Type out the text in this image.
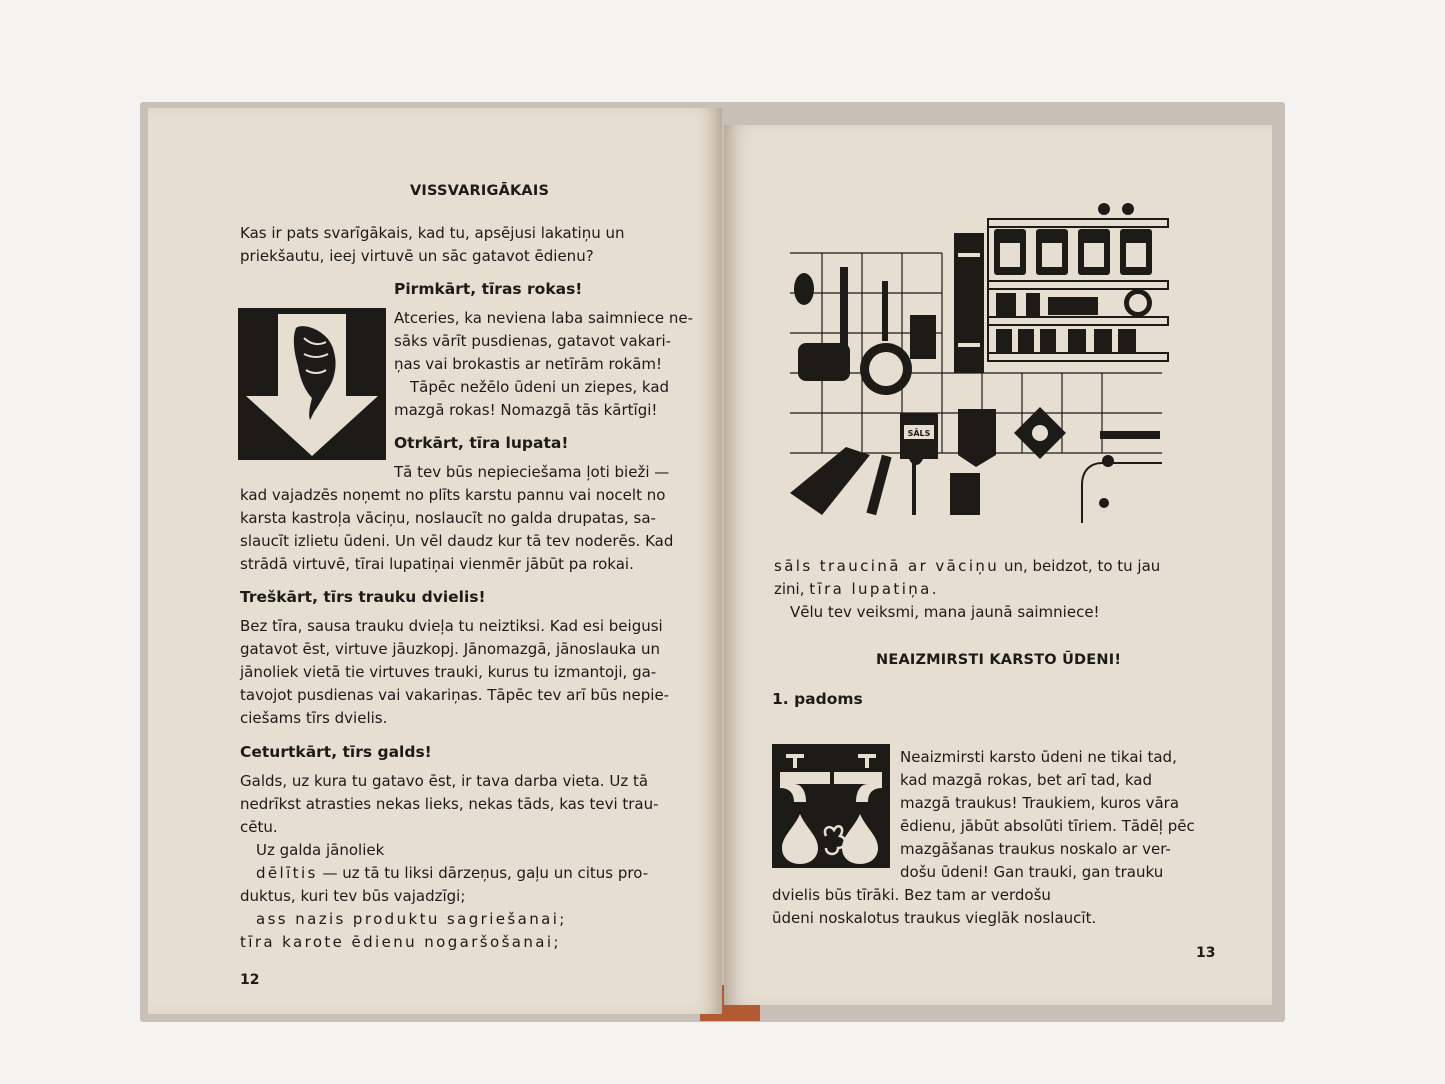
VISSVARIGĀKAIS
Kas ir pats svarīgākais, kad tu, apsējusi lakatiņu un
priekšautu, ieej virtuvē un sāc gatavot ēdienu?
Pirmkārt, tīras rokas!
Atceries, ka neviena laba saimniece ne-
sāks vārīt pusdienas, gatavot vakari-
ņas vai brokastis ar netīrām rokām!
Tāpēc nežēlo ūdeni un ziepes, kad
mazgā rokas! Nomazgā tās kārtīgi!
Otrkārt, tīra lupata!
Tā tev būs nepieciešama ļoti bieži —
kad vajadzēs noņemt no plīts karstu pannu vai nocelt no
karsta kastroļa vāciņu, noslaucīt no galda drupatas, sa-
slaucīt izlietu ūdeni. Un vēl daudz kur tā tev noderēs. Kad
strādā virtuvē, tīrai lupatiņai vienmēr jābūt pa rokai.
Treškārt, tīrs trauku dvielis!
Bez tīra, sausa trauku dvieļa tu neiztiksi. Kad esi beigusi
gatavot ēst, virtuve jāuzkopj. Jānomazgā, jānoslauka un
jānoliek vietā tie virtuves trauki, kurus tu izmantoji, ga-
tavojot pusdienas vai vakariņas. Tāpēc tev arī būs nepie-
ciešams tīrs dvielis.
Ceturtkārt, tīrs galds!
Galds, uz kura tu gatavo ēst, ir tava darba vieta. Uz tā
nedrīkst atrasties nekas lieks, nekas tāds, kas tevi trau-
cētu.
Uz galda jānoliek
dēlītis — uz tā tu liksi dārzeņus, gaļu un citus pro-
duktus, kuri tev būs vajadzīgi;
ass nazis produktu sagriešanai;
tīra karote ēdienu nogaršošanai;
12
SĀLS
sāls traucinā ar vāciņu un, beidzot, to tu jau
zini, tīra lupatiņa.
Vēlu tev veiksmi, mana jaunā saimniece!
NEAIZMIRSTI KARSTO ŪDENI!
1. padoms
Neaizmirsti karsto ūdeni ne tikai tad,
kad mazgā rokas, bet arī tad, kad
mazgā traukus! Traukiem, kuros vāra
ēdienu, jābūt absolūti tīriem. Tādēļ pēc
mazgāšanas traukus noskalo ar ver-
došu ūdeni! Gan trauki, gan trauku
dvielis būs tīrāki. Bez tam ar verdošu
ūdeni noskalotus traukus vieglāk noslaucīt.
13
